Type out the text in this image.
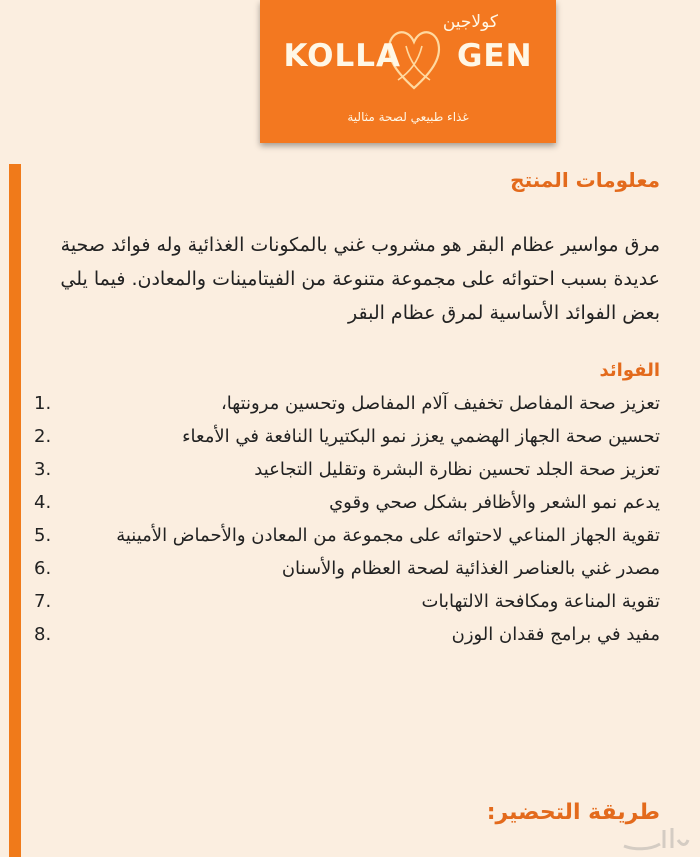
كولاجين
KOLLA GEN
غذاء طبيعي لصحة مثالية
معلومات المنتج

مرق مواسير عظام البقر هو مشروب غني بالمكونات الغذائية وله فوائد صحية عديدة بسبب احتوائه على مجموعة متنوعة من الفيتامينات والمعادن. فيما يلي بعض الفوائد الأساسية لمرق عظام البقر

الفوائد
تعزيز صحة المفاصل تخفيف آلام المفاصل وتحسين مرونتها،
.1
تحسين صحة الجهاز الهضمي يعزز نمو البكتيريا النافعة في الأمعاء
.2
تعزيز صحة الجلد تحسين نظارة البشرة وتقليل التجاعيد
.3
يدعم نمو الشعر والأظافر بشكل صحي وقوي
.4
تقوية الجهاز المناعي لاحتوائه على مجموعة من المعادن والأحماض الأمينية
.5
مصدر غني بالعناصر الغذائية لصحة العظام والأسنان
.6
تقوية المناعة ومكافحة الالتهابات
.7
مفيد في برامج فقدان الوزن
.8
طريقة التحضير:
